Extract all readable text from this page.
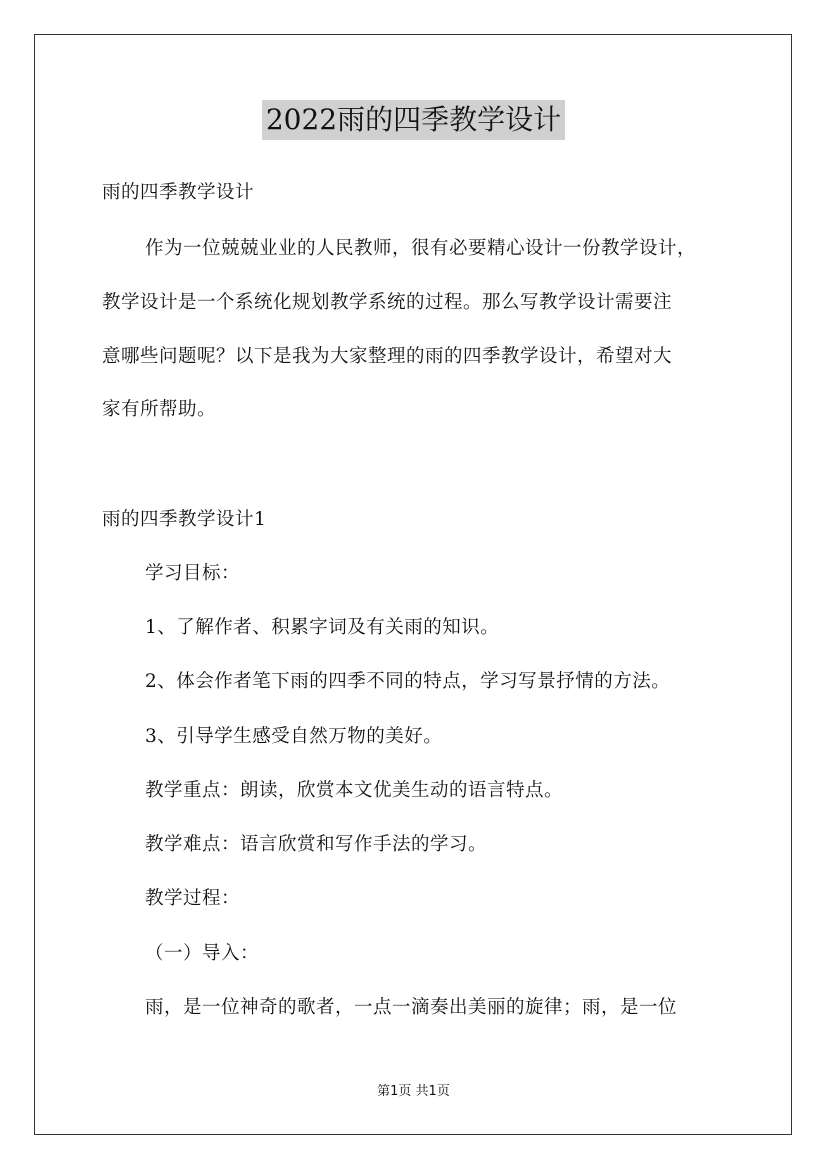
2022雨的四季教学设计
雨的四季教学设计
作为一位兢兢业业的人民教师，很有必要精心设计一份教学设计，
教学设计是一个系统化规划教学系统的过程。那么写教学设计需要注
意哪些问题呢？以下是我为大家整理的雨的四季教学设计，希望对大
家有所帮助。
雨的四季教学设计1
学习目标：
1、了解作者、积累字词及有关雨的知识。
2、体会作者笔下雨的四季不同的特点，学习写景抒情的方法。
3、引导学生感受自然万物的美好。
教学重点：朗读，欣赏本文优美生动的语言特点。
教学难点：语言欣赏和写作手法的学习。
教学过程：
（一）导入：
雨，是一位神奇的歌者，一点一滴奏出美丽的旋律；雨，是一位
第1页 共1页
